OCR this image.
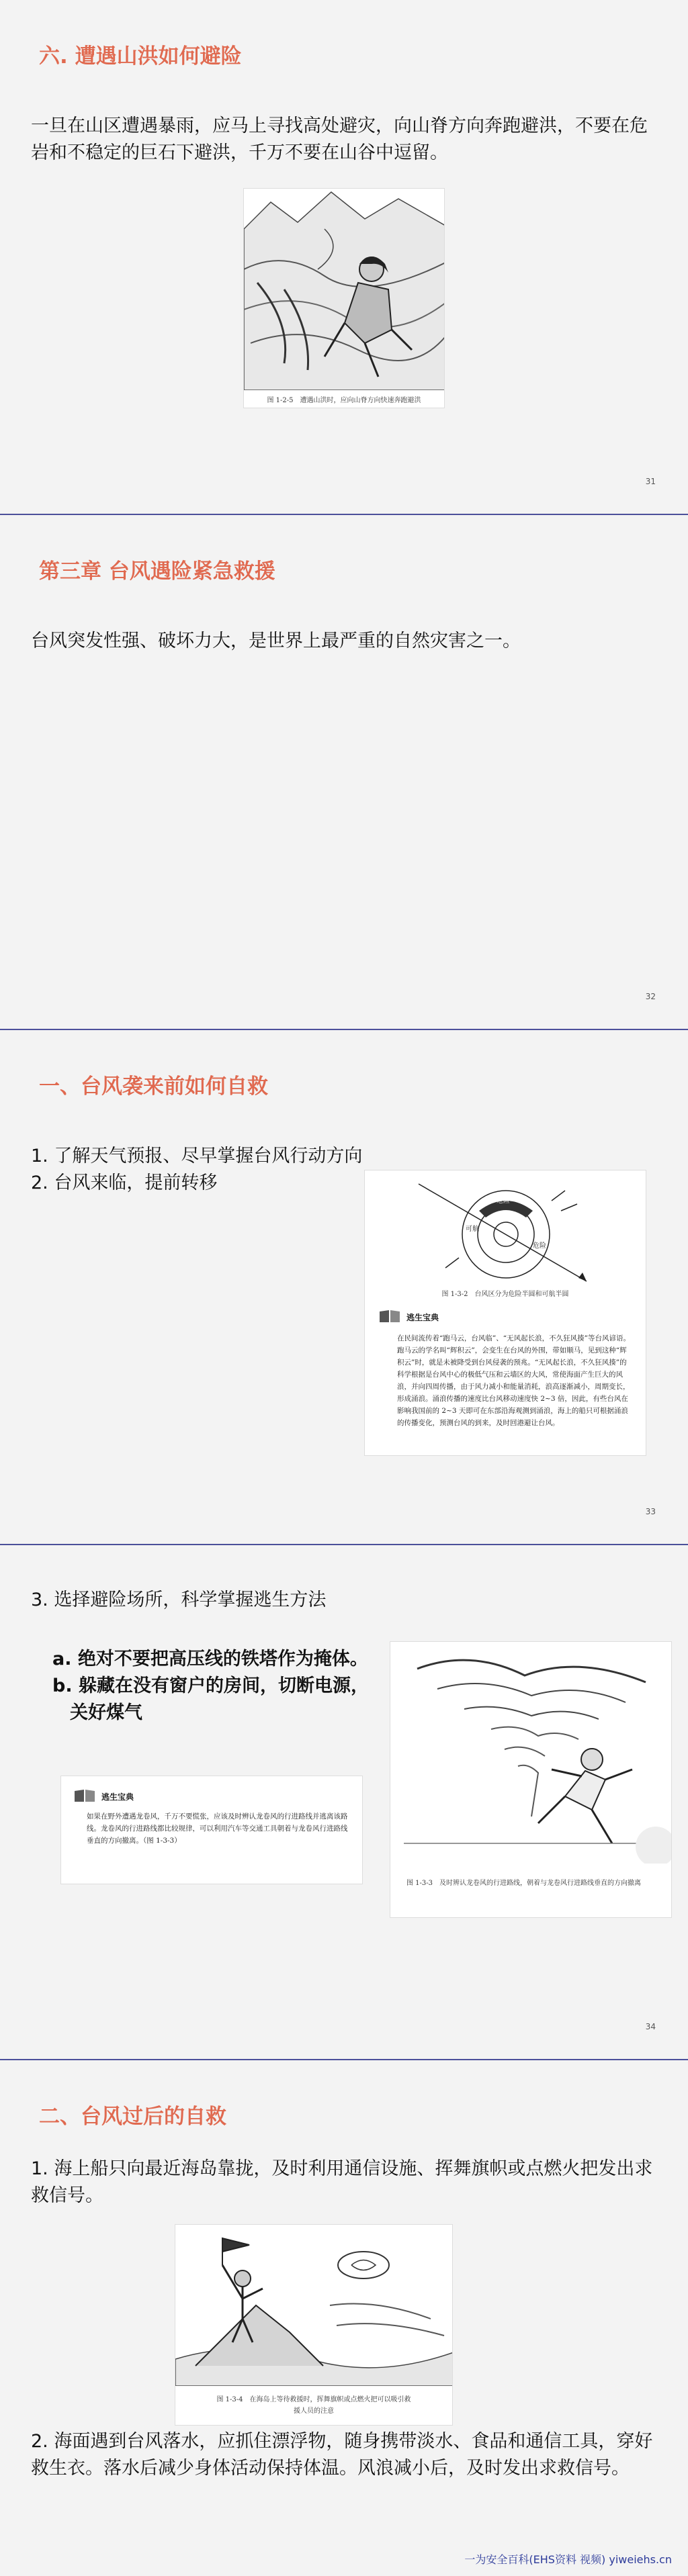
六. 遭遇山洪如何避险
一旦在山区遭遇暴雨，应马上寻找高处避灾，向山脊方向奔跑避洪，不要在危岩和不稳定的巨石下避洪，千万不要在山谷中逗留。
图 1-2-5　遭遇山洪时，应向山脊方向快速奔跑避洪
31
第三章 台风遇险紧急救援
台风突发性强、破坏力大，是世界上最严重的自然灾害之一。
32
一、台风袭来前如何自救
1. 了解天气预报、尽早掌握台风行动方向
2. 台风来临，提前转移
危险
可航
危险
图 1-3-2　台风区分为危险半圆和可航半圆
逃生宝典
在民间流传着“跑马云，台风临”、“无风起长浪，不久狂风揍”等台风谚语。跑马云的学名叫“辉积云”，会变生在台风的外围，带如顺马，见到这种“辉积云”时，就是未被降受到台风侵袭的预兆。“无风起长浪，不久狂风揍”的科学根据是台风中心的极低气压和云墙区的大风，常使海面产生巨大的风浪，并向四周传播，由于风力减小和能量消耗，浪高逐渐减小，周期变长，形成涌浪。涌浪传播的速度比台风移动速度快 2~3 倍，因此，有些台风在影响我国前的 2~3 天即可在东部沿海观测到涌浪，海上的船只可根据涌浪的传播变化，预测台风的到来，及时回港避让台风。
33
3. 选择避险场所，科学掌握逃生方法
a. 绝对不要把高压线的铁塔作为掩体。
b. 躲藏在没有窗户的房间，切断电源，
关好煤气
逃生宝典
如果在野外遭遇龙卷风，千万不要慌张，应该及时辨认龙卷风的行进路线并逃离该路线。龙卷风的行进路线都比较规律，可以利用汽车等交通工具朝着与龙卷风行进路线垂直的方向撤离。（图 1-3-3）
图 1-3-3　及时辨认龙卷风的行进路线，朝着与龙卷风行进路线垂直的方向撤离
34
二、台风过后的自救
1. 海上船只向最近海岛靠拢，及时利用通信设施、挥舞旗帜或点燃火把发出求救信号。
图 1-3-4　在海岛上等待救援时，挥舞旗帜或点燃火把可以吸引救援人员的注意
2. 海面遇到台风落水，应抓住漂浮物，随身携带淡水、食品和通信工具，穿好救生衣。落水后减少身体活动保持体温。风浪减小后，及时发出求救信号。
一为安全百科(EHS资料 视频) yiweiehs.cn
